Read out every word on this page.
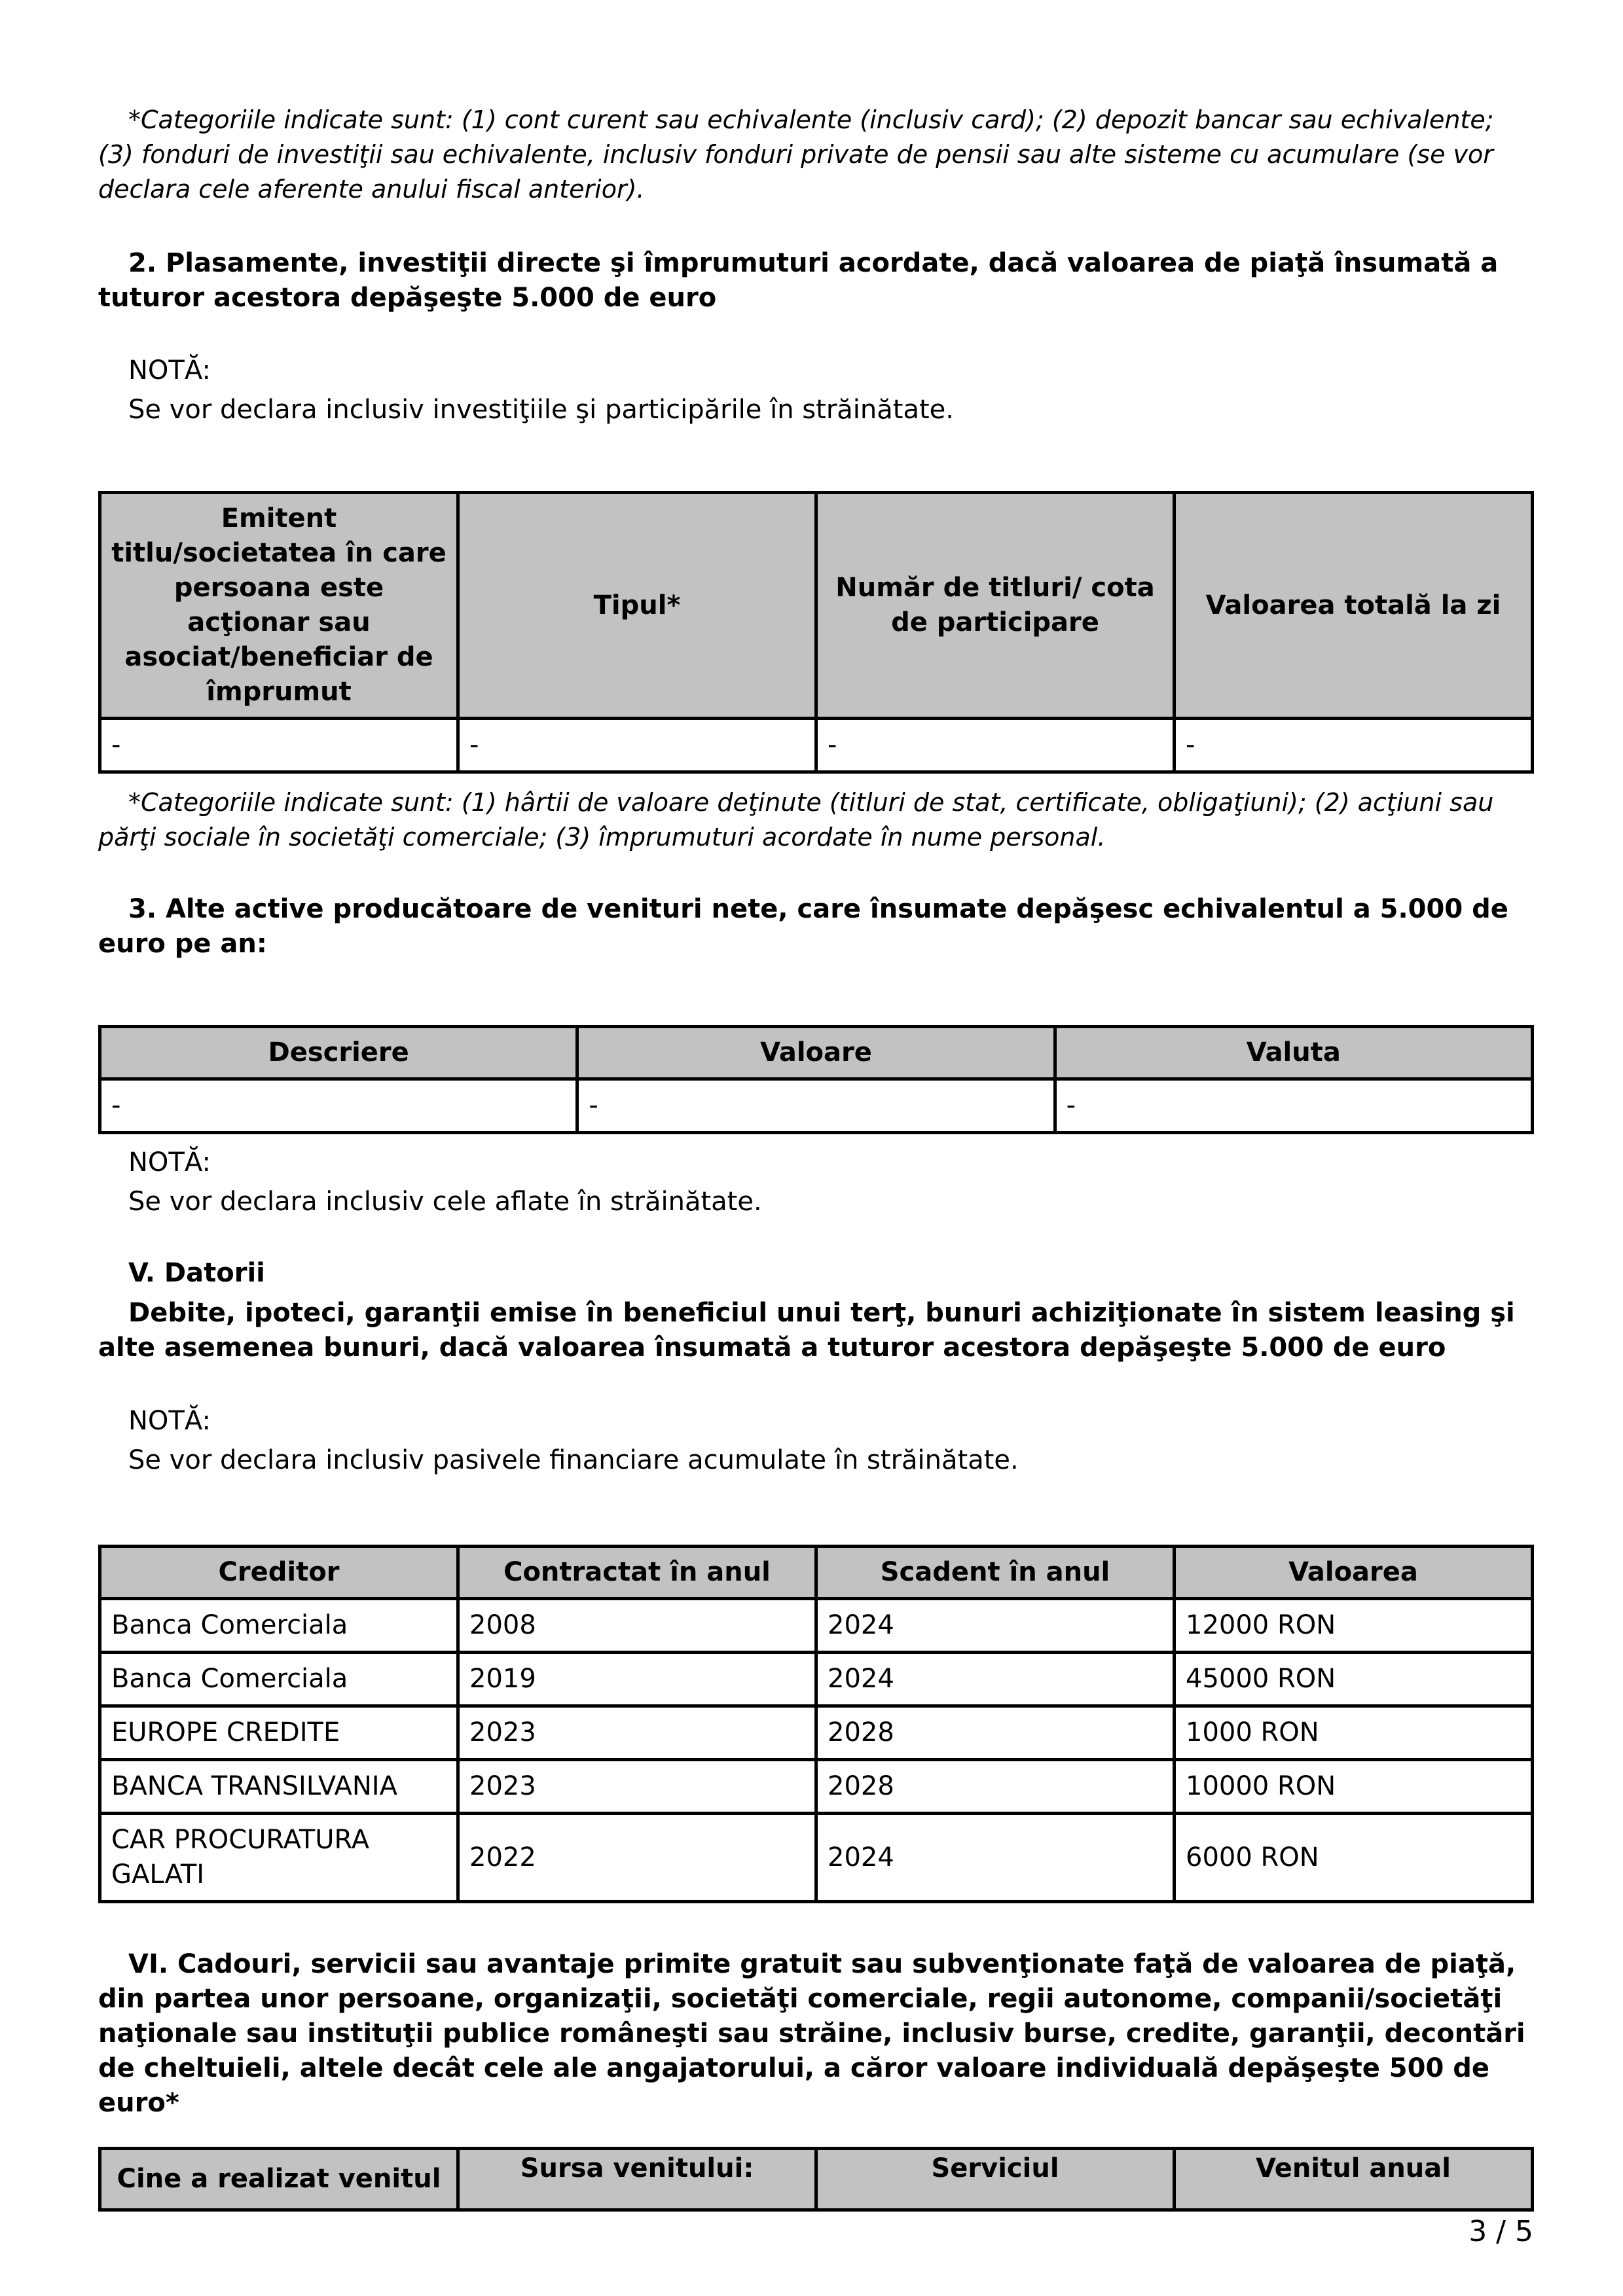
*Categoriile indicate sunt: (1) cont curent sau echivalente (inclusiv card); (2) depozit bancar sau echivalente; (3) fonduri de investiţii sau echivalente, inclusiv fonduri private de pensii sau alte sisteme cu acumulare (se vor declara cele aferente anului fiscal anterior).

2. Plasamente, investiţii directe şi împrumuturi acordate, dacă valoarea de piaţă însumată a tuturor acestora depăşeşte 5.000 de euro

NOTĂ:

Se vor declara inclusiv investiţiile şi participările în străinătate.

Emitent titlu/societatea în care persoana este acţionar sau asociat/beneficiar de împrumut	Tipul*	Număr de titluri/ cota de participare	Valoarea totală la zi
-	-	-	-

*Categoriile indicate sunt: (1) hârtii de valoare deţinute (titluri de stat, certificate, obligaţiuni); (2) acţiuni sau părţi sociale în societăţi comerciale; (3) împrumuturi acordate în nume personal.

3. Alte active producătoare de venituri nete, care însumate depăşesc echivalentul a 5.000 de euro pe an:

Descriere	Valoare	Valuta
-	-	-

NOTĂ:

Se vor declara inclusiv cele aflate în străinătate.

V. Datorii

Debite, ipoteci, garanţii emise în beneficiul unui terţ, bunuri achiziţionate în sistem leasing şi alte asemenea bunuri, dacă valoarea însumată a tuturor acestora depăşeşte 5.000 de euro

NOTĂ:

Se vor declara inclusiv pasivele financiare acumulate în străinătate.

Creditor	Contractat în anul	Scadent în anul	Valoarea
Banca Comerciala	2008	2024	12000 RON
Banca Comerciala	2019	2024	45000 RON
EUROPE CREDITE	2023	2028	1000 RON
BANCA TRANSILVANIA	2023	2028	10000 RON
CAR PROCURATURA GALATI	2022	2024	6000 RON

VI. Cadouri, servicii sau avantaje primite gratuit sau subvenţionate faţă de valoarea de piaţă, din partea unor persoane, organizaţii, societăţi comerciale, regii autonome, companii/societăţi naţionale sau instituţii publice româneşti sau străine, inclusiv burse, credite, garanţii, decontări de cheltuieli, altele decât cele ale angajatorului, a căror valoare individuală depăşeşte 500 de euro*

Cine a realizat venitul	Sursa venitului:	Serviciul	Venitul anual
3 / 5
